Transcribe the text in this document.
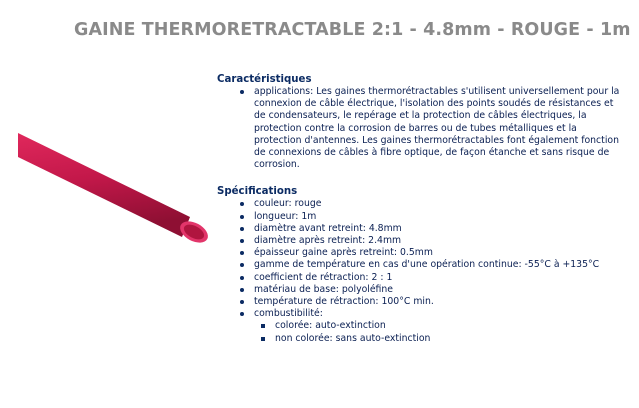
GAINE THERMORETRACTABLE 2:1 - 4.8mm - ROUGE - 1m
Caractéristiques
applications: Les gaines thermorétractables s'utilisent universellement pour la connexion de câble électrique, l'isolation des points soudés de résistances et de condensateurs, le repérage et la protection de câbles électriques, la protection contre la corrosion de barres ou de tubes métalliques et la protection d'antennes. Les gaines thermorétractables font également fonction de connexions de câbles à fibre optique, de façon étanche et sans risque de corrosion.
Spécifications
couleur: rouge
longueur: 1m
diamètre avant retreint: 4.8mm
diamètre après retreint: 2.4mm
épaisseur gaine après retreint: 0.5mm
gamme de température en cas d'une opération continue: -55°C à +135°C
coefficient de rétraction: 2 : 1
matériau de base: polyoléfine
température de rétraction: 100°C min.
combustibilité:
colorée: auto-extinction
non colorée: sans auto-extinction
